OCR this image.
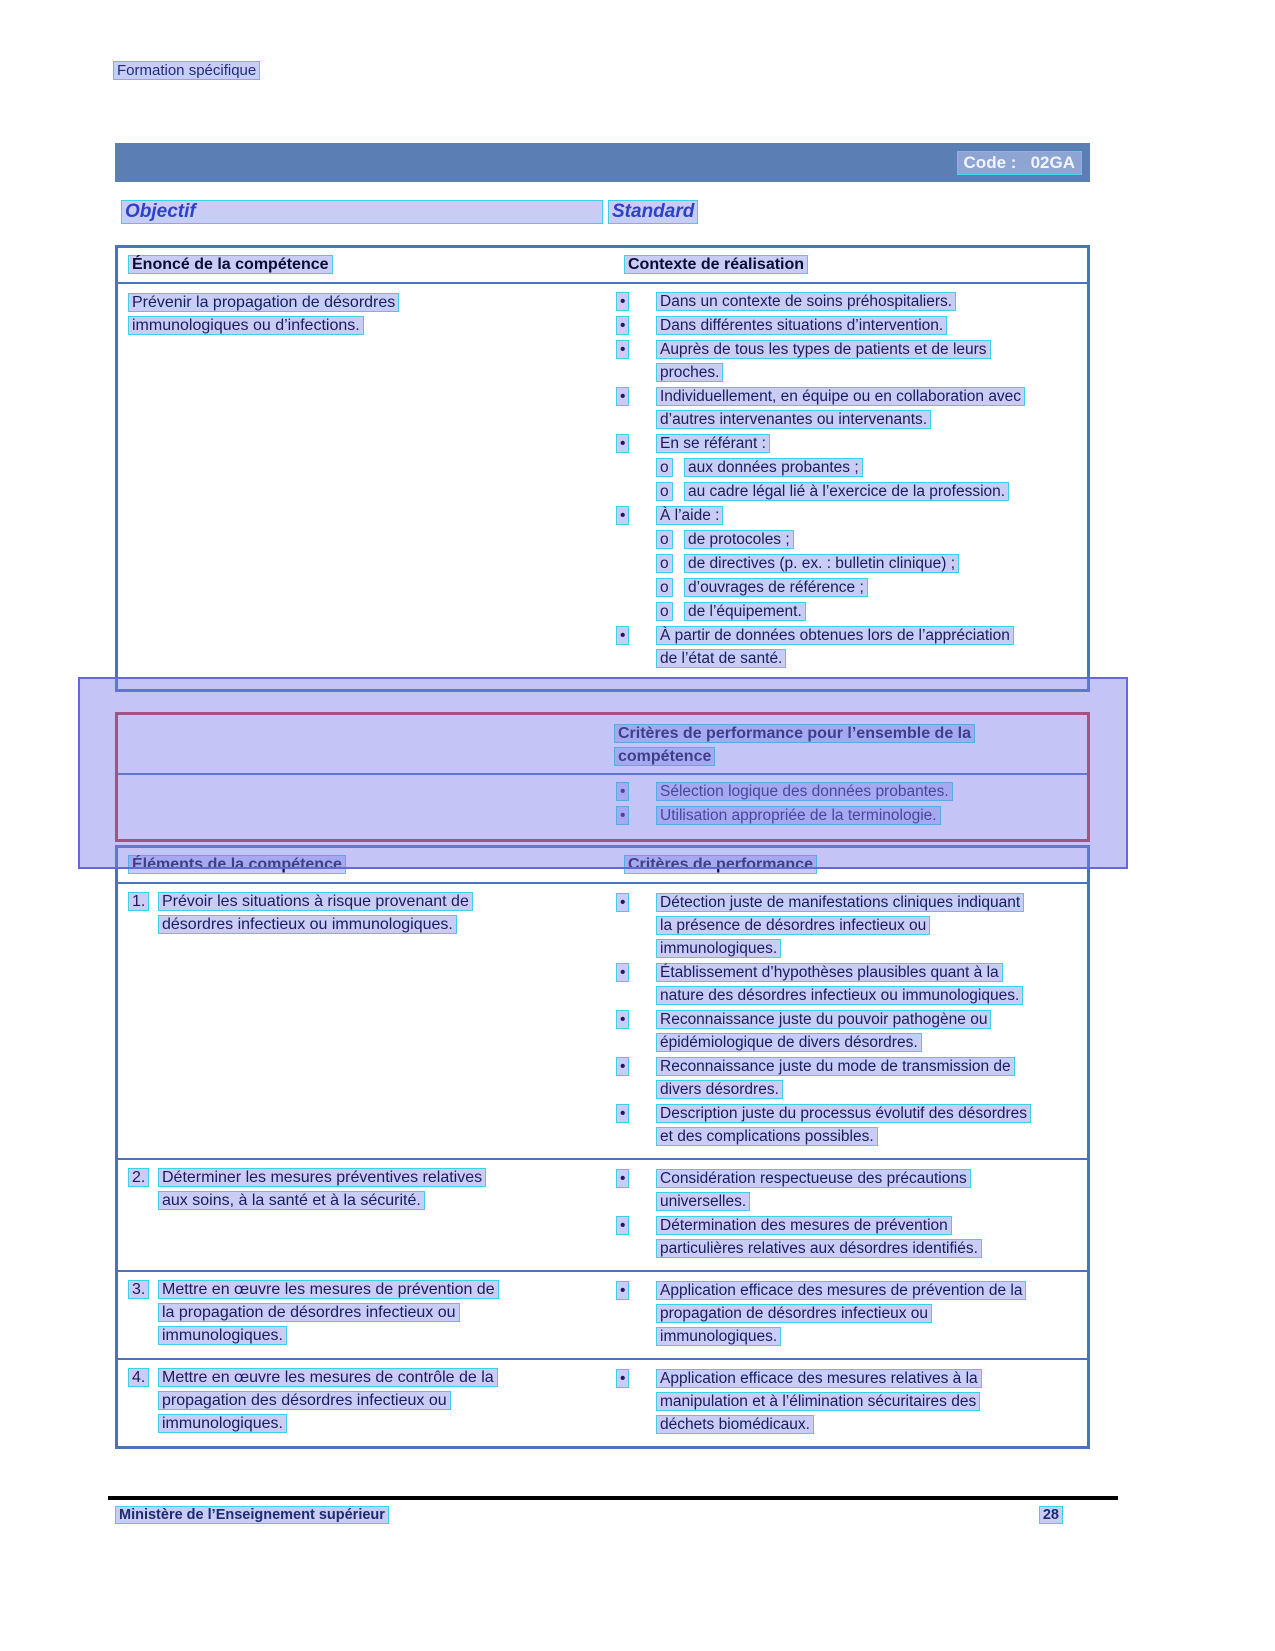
Formation spécifique
Code :   02GA
Objectif	Standard
Énoncé de la compétence	Contexte de réalisation
Prévenir la propagation de désordres immunologiques ou d’infections.
•	Dans un contexte de soins préhospitaliers.
•	Dans différentes situations d’intervention.
•	Auprès de tous les types de patients et de leurs proches.
•	Individuellement, en équipe ou en collaboration avec d’autres intervenantes ou intervenants.
•	En se référant :
o	aux données probantes ;
o	au cadre légal lié à l’exercice de la profession.
•	À l’aide :
o	de protocoles ;
o	de directives (p. ex. : bulletin clinique) ;
o	d’ouvrages de référence ;
o	de l’équipement.
•	À partir de données obtenues lors de l’appréciation de l’état de santé.
Critères de performance pour l’ensemble de la compétence
•	Sélection logique des données probantes.
•	Utilisation appropriée de la terminologie.
Éléments de la compétence	Critères de performance
1.	Prévoir les situations à risque provenant de désordres infectieux ou immunologiques.
•	Détection juste de manifestations cliniques indiquant la présence de désordres infectieux ou immunologiques.
•	Établissement d’hypothèses plausibles quant à la nature des désordres infectieux ou immunologiques.
•	Reconnaissance juste du pouvoir pathogène ou épidémiologique de divers désordres.
•	Reconnaissance juste du mode de transmission de divers désordres.
•	Description juste du processus évolutif des désordres et des complications possibles.
2.	Déterminer les mesures préventives relatives aux soins, à la santé et à la sécurité.
•	Considération respectueuse des précautions universelles.
•	Détermination des mesures de prévention particulières relatives aux désordres identifiés.
3.	Mettre en œuvre les mesures de prévention de la propagation de désordres infectieux ou immunologiques.
•	Application efficace des mesures de prévention de la propagation de désordres infectieux ou immunologiques.
4.	Mettre en œuvre les mesures de contrôle de la propagation des désordres infectieux ou immunologiques.
•	Application efficace des mesures relatives à la manipulation et à l’élimination sécuritaires des déchets biomédicaux.
Ministère de l’Enseignement supérieur	28
